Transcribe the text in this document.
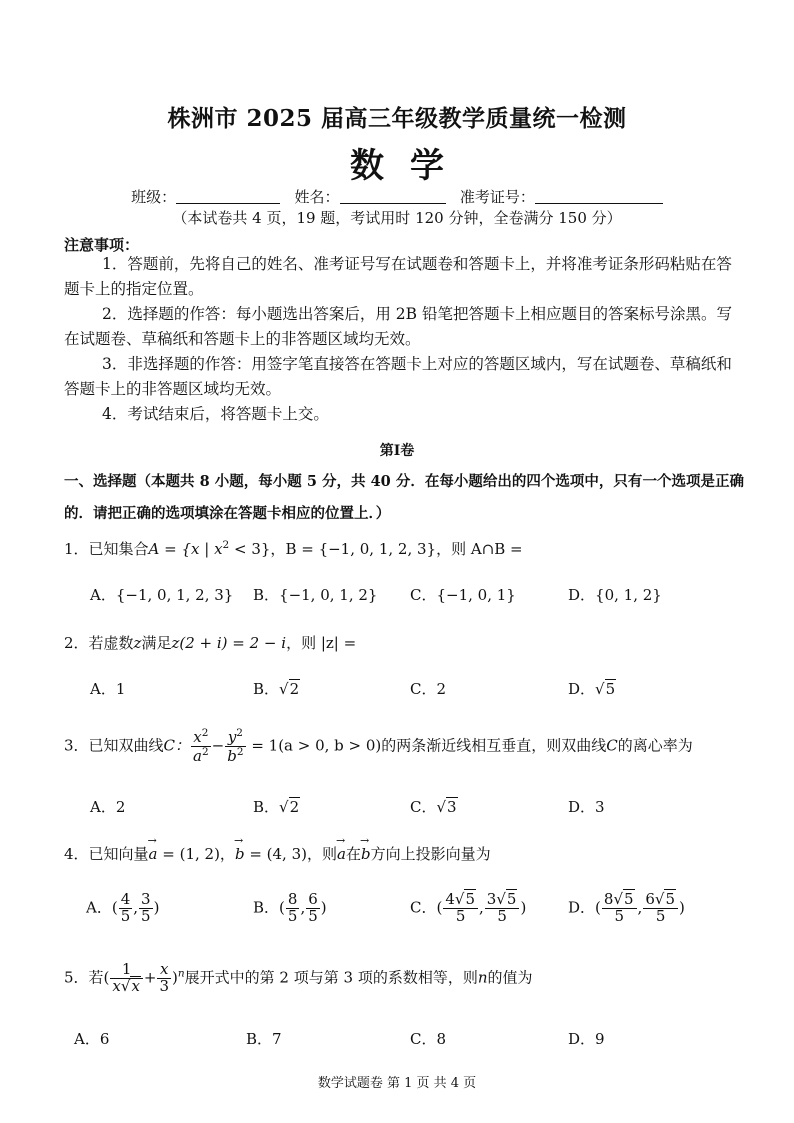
株洲市 2025 届高三年级教学质量统一检测
数学
班级：	姓名：	准考证号：
（本试卷共 4 页，19 题，考试用时 120 分钟，全卷满分 150 分）
注意事项：

1．答题前，先将自己的姓名、准考证号写在试题卷和答题卡上，并将准考证条形码粘贴在答题卡上的指定位置。

2．选择题的作答：每小题选出答案后，用 2B 铅笔把答题卡上相应题目的答案标号涂黑。写在试题卷、草稿纸和答题卡上的非答题区域均无效。

3．非选择题的作答：用签字笔直接答在答题卡上对应的答题区域内，写在试题卷、草稿纸和答题卡上的非答题区域均无效。

4．考试结束后，将答题卡上交。

第Ⅰ卷
一、选择题（本题共 8 小题，每小题 5 分，共 40 分．在每小题给出的四个选项中，只有一个选项是正确的．请把正确的选项填涂在答题卡相应的位置上．）
1．已知集合A = {x | $x^2 < 3$}，B = {−1, 0, 1, 2, 3}，则 A∩B =
A．{−1, 0, 1, 2, 3} B．{−1, 0, 1, 2} C．{−1, 0, 1}	D．{0, 1, 2}
2．若虚数z满足z(2 + i) = 2 − i，则 |z| =
A．1	B．√2	C．2	D．√5
3．已知双曲线C： $\frac{x^2}{a^2} - \frac{y^2}{b^2} = 1(a > 0$, b > 0)的两条渐近线相互垂直，则双曲线C的离心率为
A．2	B．√2	C．√3	D．3
4．已知向量→ a = (1, 2)，→ b = (4, 3)，则→ a在→ b方向上投影向量为
A．( $\frac{4}{5}$ , $\frac{3}{5}$ )	B．( $\frac{8}{5}$ , $\frac{6}{5}$ )	C．( $\frac{4√5}{5}$ , $\frac{3√5}{5}$ )	D．( $\frac{8√5}{5}$ , $\frac{6√5}{5}$ )
5．若( $\frac{1}{x√x} + \frac{x}{3} )^n$展开式中的第 2 项与第 3 项的系数相等，则n的值为
A．6	B．7	C．8	D．9
数学试题卷 第 1 页 共 4 页
